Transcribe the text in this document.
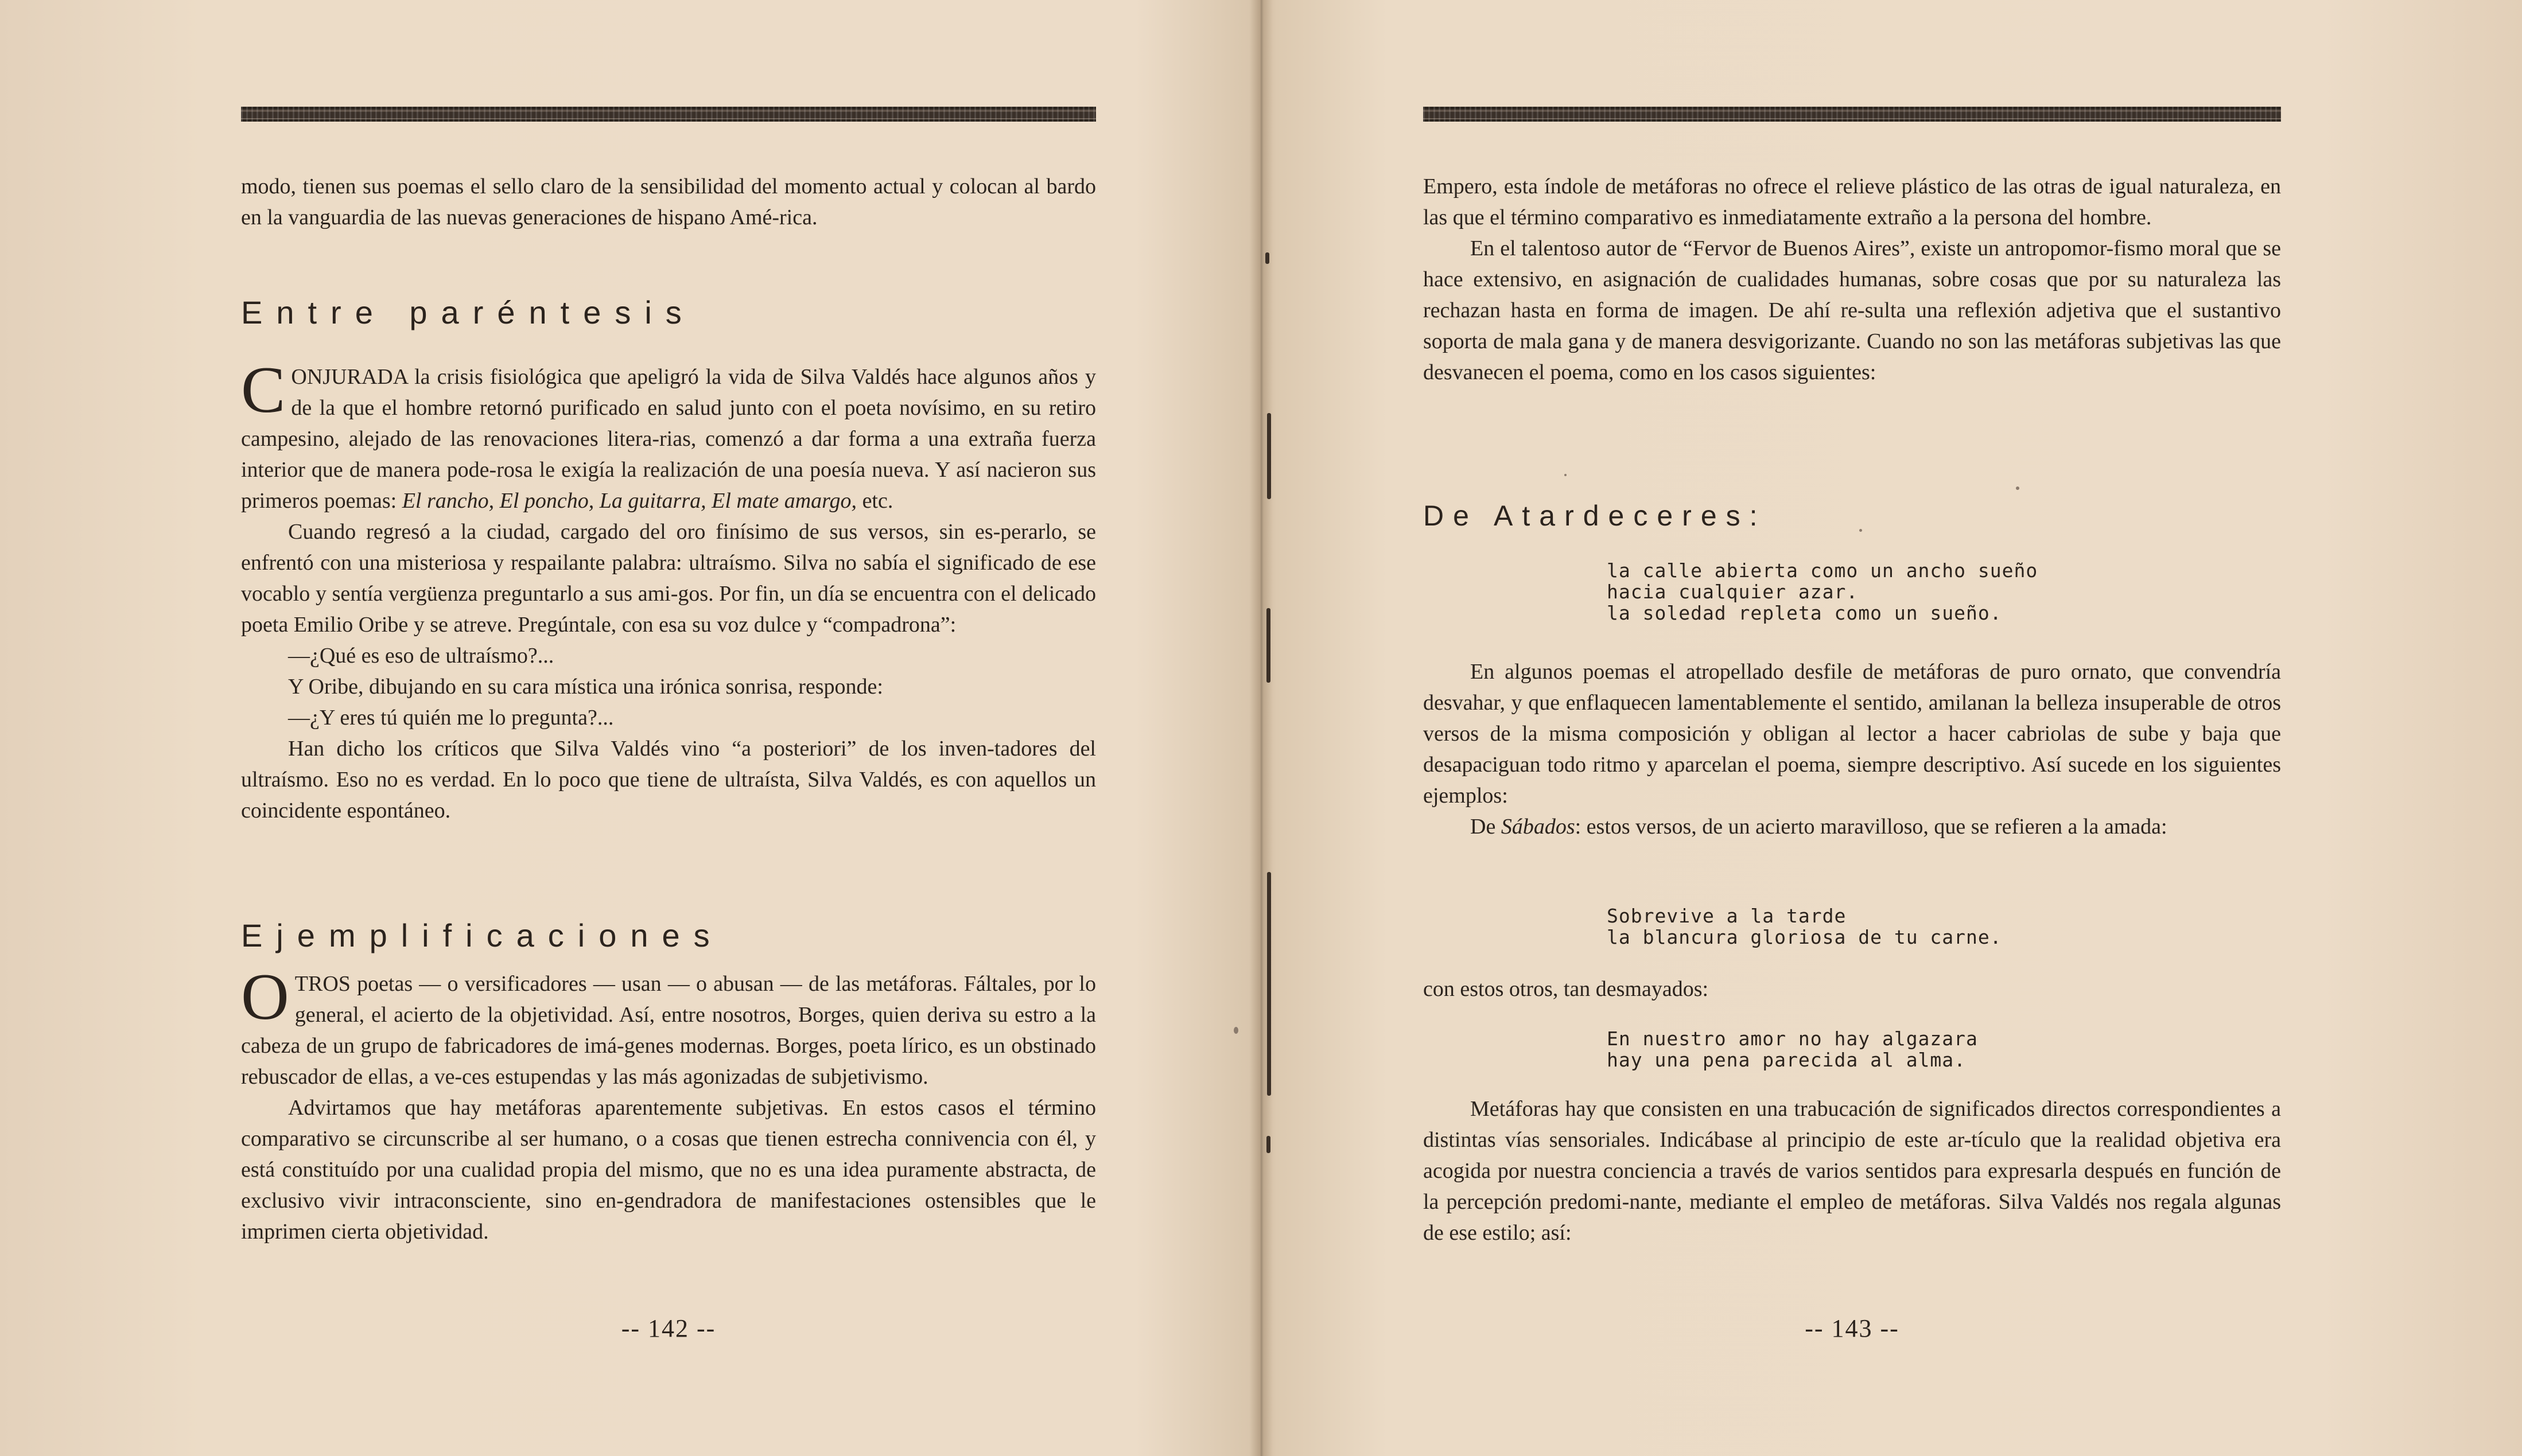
modo, tienen sus poemas el sello claro de la sensibilidad del momento actual y colocan al bardo en la vanguardia de las nuevas generaciones de hispano Amé-rica.

Entre paréntesis

CONJURADA la crisis fisiológica que apeligró la vida de Silva Valdés hace algunos años y de la que el hombre retornó purificado en salud junto con el poeta novísimo, en su retiro campesino, alejado de las renovaciones litera-rias, comenzó a dar forma a una extraña fuerza interior que de manera pode-rosa le exigía la realización de una poesía nueva. Y así nacieron sus primeros poemas: El rancho, El poncho, La guitarra, El mate amargo, etc.

Cuando regresó a la ciudad, cargado del oro finísimo de sus versos, sin es-perarlo, se enfrentó con una misteriosa y respailante palabra: ultraísmo. Silva no sabía el significado de ese vocablo y sentía vergüenza preguntarlo a sus ami-gos. Por fin, un día se encuentra con el delicado poeta Emilio Oribe y se atreve. Pregúntale, con esa su voz dulce y “compadrona”:

—¿Qué es eso de ultraísmo?...

Y Oribe, dibujando en su cara mística una irónica sonrisa, responde:

—¿Y eres tú quién me lo pregunta?...

Han dicho los críticos que Silva Valdés vino “a posteriori” de los inven-tadores del ultraísmo. Eso no es verdad. En lo poco que tiene de ultraísta, Silva Valdés, es con aquellos un coincidente espontáneo.

Ejemplificaciones

OTROS poetas — o versificadores — usan — o abusan — de las metáforas. Fáltales, por lo general, el acierto de la objetividad. Así, entre nosotros, Borges, quien deriva su estro a la cabeza de un grupo de fabricadores de imá-genes modernas. Borges, poeta lírico, es un obstinado rebuscador de ellas, a ve-ces estupendas y las más agonizadas de subjetivismo.

Advirtamos que hay metáforas aparentemente subjetivas. En estos casos el término comparativo se circunscribe al ser humano, o a cosas que tienen estrecha connivencia con él, y está constituído por una cualidad propia del mismo, que no es una idea puramente abstracta, de exclusivo vivir intraconsciente, sino en-gendradora de manifestaciones ostensibles que le imprimen cierta objetividad.

-- 142 --

Empero, esta índole de metáforas no ofrece el relieve plástico de las otras de igual naturaleza, en las que el término comparativo es inmediatamente extraño a la persona del hombre.

En el talentoso autor de “Fervor de Buenos Aires”, existe un antropomor-fismo moral que se hace extensivo, en asignación de cualidades humanas, sobre cosas que por su naturaleza las rechazan hasta en forma de imagen. De ahí re-sulta una reflexión adjetiva que el sustantivo soporta de mala gana y de manera desvigorizante. Cuando no son las metáforas subjetivas las que desvanecen el poema, como en los casos siguientes:

De Atardeceres:
la calle abierta como un ancho sueño
hacia cualquier azar.
la soledad repleta como un sueño.

En algunos poemas el atropellado desfile de metáforas de puro ornato, que convendría desvahar, y que enflaquecen lamentablemente el sentido, amilanan la belleza insuperable de otros versos de la misma composición y obligan al lector a hacer cabriolas de sube y baja que desapaciguan todo ritmo y aparcelan el poema, siempre descriptivo. Así sucede en los siguientes ejemplos:

De Sábados: estos versos, de un acierto maravilloso, que se refieren a la amada:

Sobrevive a la tarde
la blancura gloriosa de tu carne.

con estos otros, tan desmayados:

En nuestro amor no hay algazara
hay una pena parecida al alma.

Metáforas hay que consisten en una trabucación de significados directos correspondientes a distintas vías sensoriales. Indicábase al principio de este ar-tículo que la realidad objetiva era acogida por nuestra conciencia a través de varios sentidos para expresarla después en función de la percepción predomi-nante, mediante el empleo de metáforas. Silva Valdés nos regala algunas de ese estilo; así:

-- 143 --
